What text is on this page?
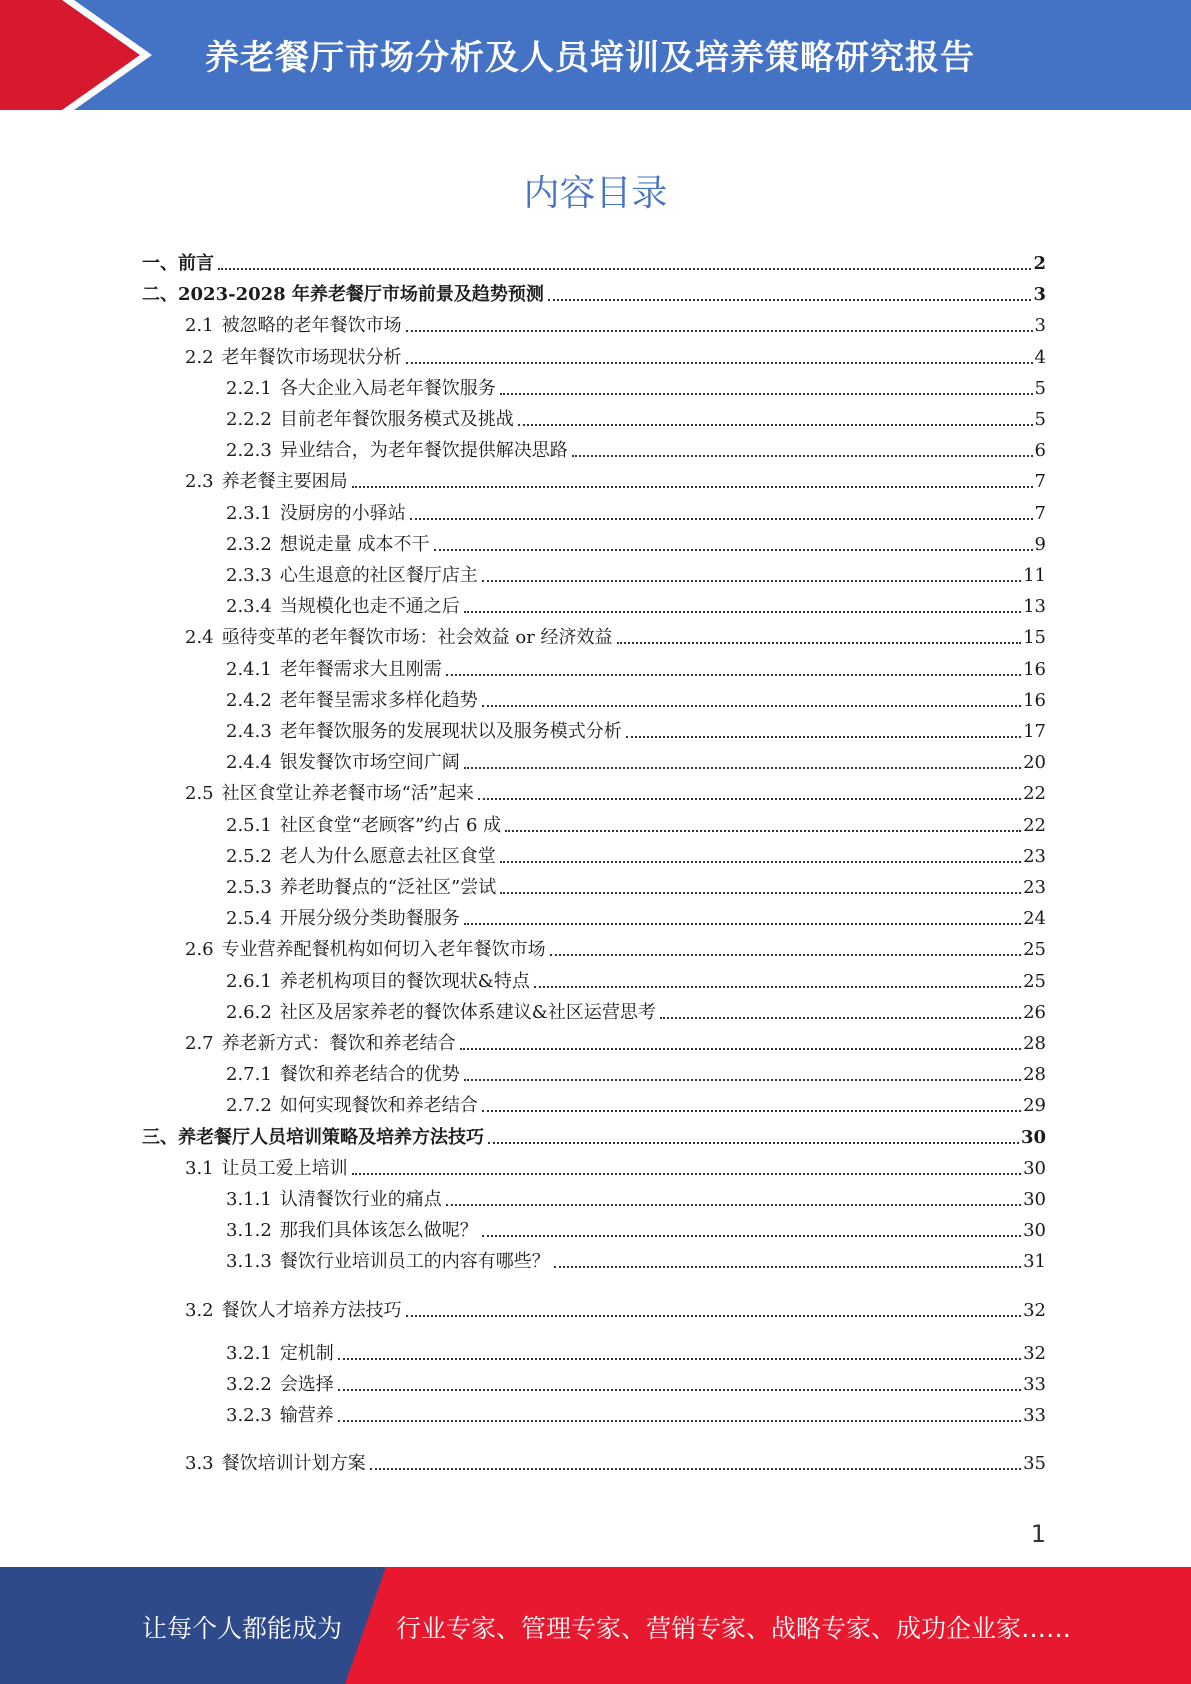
养老餐厅市场分析及人员培训及培养策略研究报告
内容目录
一、 前言	2
二、 2023-2028 年养老餐厅市场前景及趋势预测	3
2.1 被忽略的老年餐饮市场	3
2.2 老年餐饮市场现状分析	4
2.2.1 各大企业入局老年餐饮服务	5
2.2.2 目前老年餐饮服务模式及挑战	5
2.2.3 异业结合，为老年餐饮提供解决思路	6
2.3 养老餐主要困局	7
2.3.1 没厨房的小驿站	7
2.3.2 想说走量 成本不干	9
2.3.3 心生退意的社区餐厅店主	11
2.3.4 当规模化也走不通之后	13
2.4 亟待变革的老年餐饮市场：社会效益 or 经济效益	15
2.4.1 老年餐需求大且刚需	16
2.4.2 老年餐呈需求多样化趋势	16
2.4.3 老年餐饮服务的发展现状以及服务模式分析	17
2.4.4 银发餐饮市场空间广阔	20
2.5 社区食堂让养老餐市场“活”起来	22
2.5.1 社区食堂“老顾客”约占 6 成	22
2.5.2 老人为什么愿意去社区食堂	23
2.5.3 养老助餐点的“泛社区”尝试	23
2.5.4 开展分级分类助餐服务	24
2.6 专业营养配餐机构如何切入老年餐饮市场	25
2.6.1 养老机构项目的餐饮现状&特点	25
2.6.2 社区及居家养老的餐饮体系建议&社区运营思考	26
2.7 养老新方式：餐饮和养老结合	28
2.7.1 餐饮和养老结合的优势	28
2.7.2 如何实现餐饮和养老结合	29
三、 养老餐厅人员培训策略及培养方法技巧	30
3.1 让员工爱上培训	30
3.1.1 认清餐饮行业的痛点	30
3.1.2 那我们具体该怎么做呢？	30
3.1.3 餐饮行业培训员工的内容有哪些？	31
3.2 餐饮人才培养方法技巧	32
3.2.1 定机制	32
3.2.2 会选择	33
3.2.3 输营养	33
3.3 餐饮培训计划方案	35
1
让每个人都能成为 行业专家、管理专家、营销专家、战略专家、成功企业家……
